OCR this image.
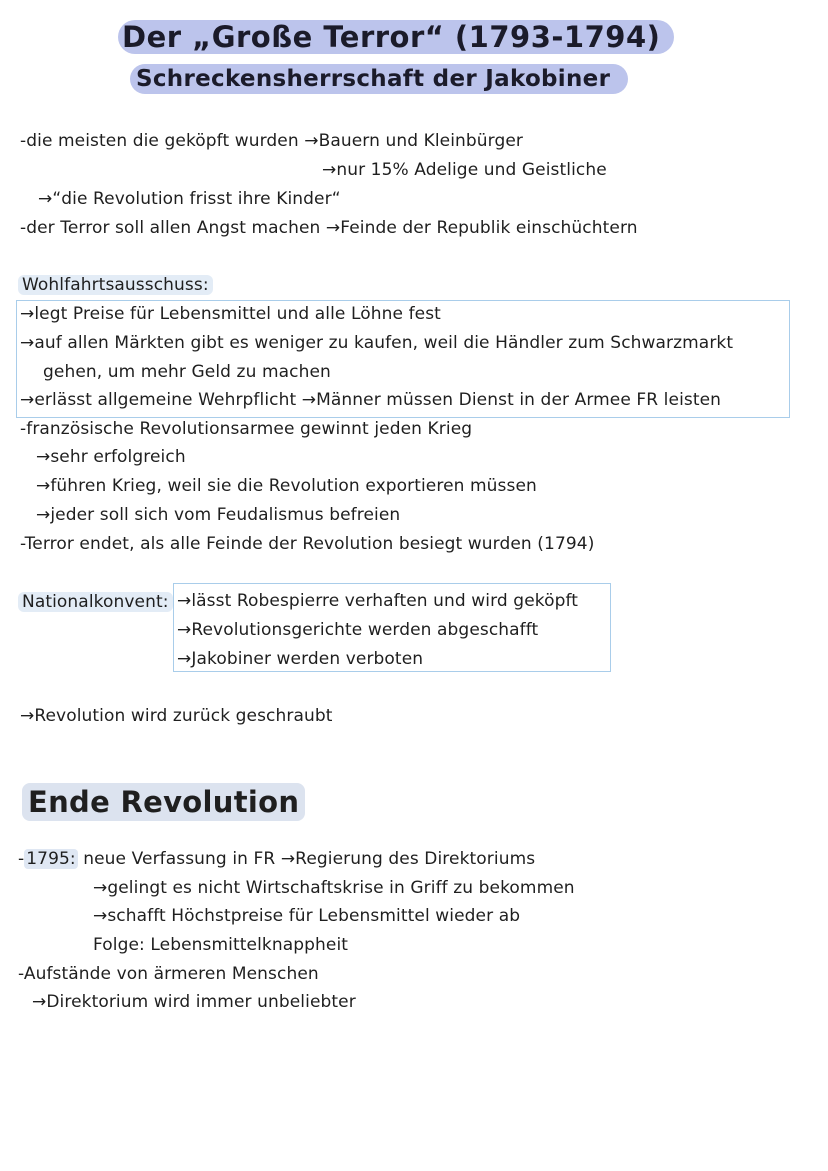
Der „Große Terror“ (1793-1794)
Schreckensherrschaft der Jakobiner
-die meisten die geköpft wurden →Bauern und Kleinbürger
→nur 15% Adelige und Geistliche
→“die Revolution frisst ihre Kinder“
-der Terror soll allen Angst machen →Feinde der Republik einschüchtern
Wohlfahrtsausschuss:
→legt Preise für Lebensmittel und alle Löhne fest
→auf allen Märkten gibt es weniger zu kaufen, weil die Händler zum Schwarzmarkt
gehen, um mehr Geld zu machen
→erlässt allgemeine Wehrpflicht →Männer müssen Dienst in der Armee FR leisten
-französische Revolutionsarmee gewinnt jeden Krieg
→sehr erfolgreich
→führen Krieg, weil sie die Revolution exportieren müssen
→jeder soll sich vom Feudalismus befreien
-Terror endet, als alle Feinde der Revolution besiegt wurden (1794)
Nationalkonvent: →lässt Robespierre verhaften und wird geköpft
→Revolutionsgerichte werden abgeschafft
→Jakobiner werden verboten
→Revolution wird zurück geschraubt
Ende Revolution
- 1795: neue Verfassung in FR →Regierung des Direktoriums
→gelingt es nicht Wirtschaftskrise in Griff zu bekommen
→schafft Höchstpreise für Lebensmittel wieder ab
Folge: Lebensmittelknappheit
-Aufstände von ärmeren Menschen
→Direktorium wird immer unbeliebter
